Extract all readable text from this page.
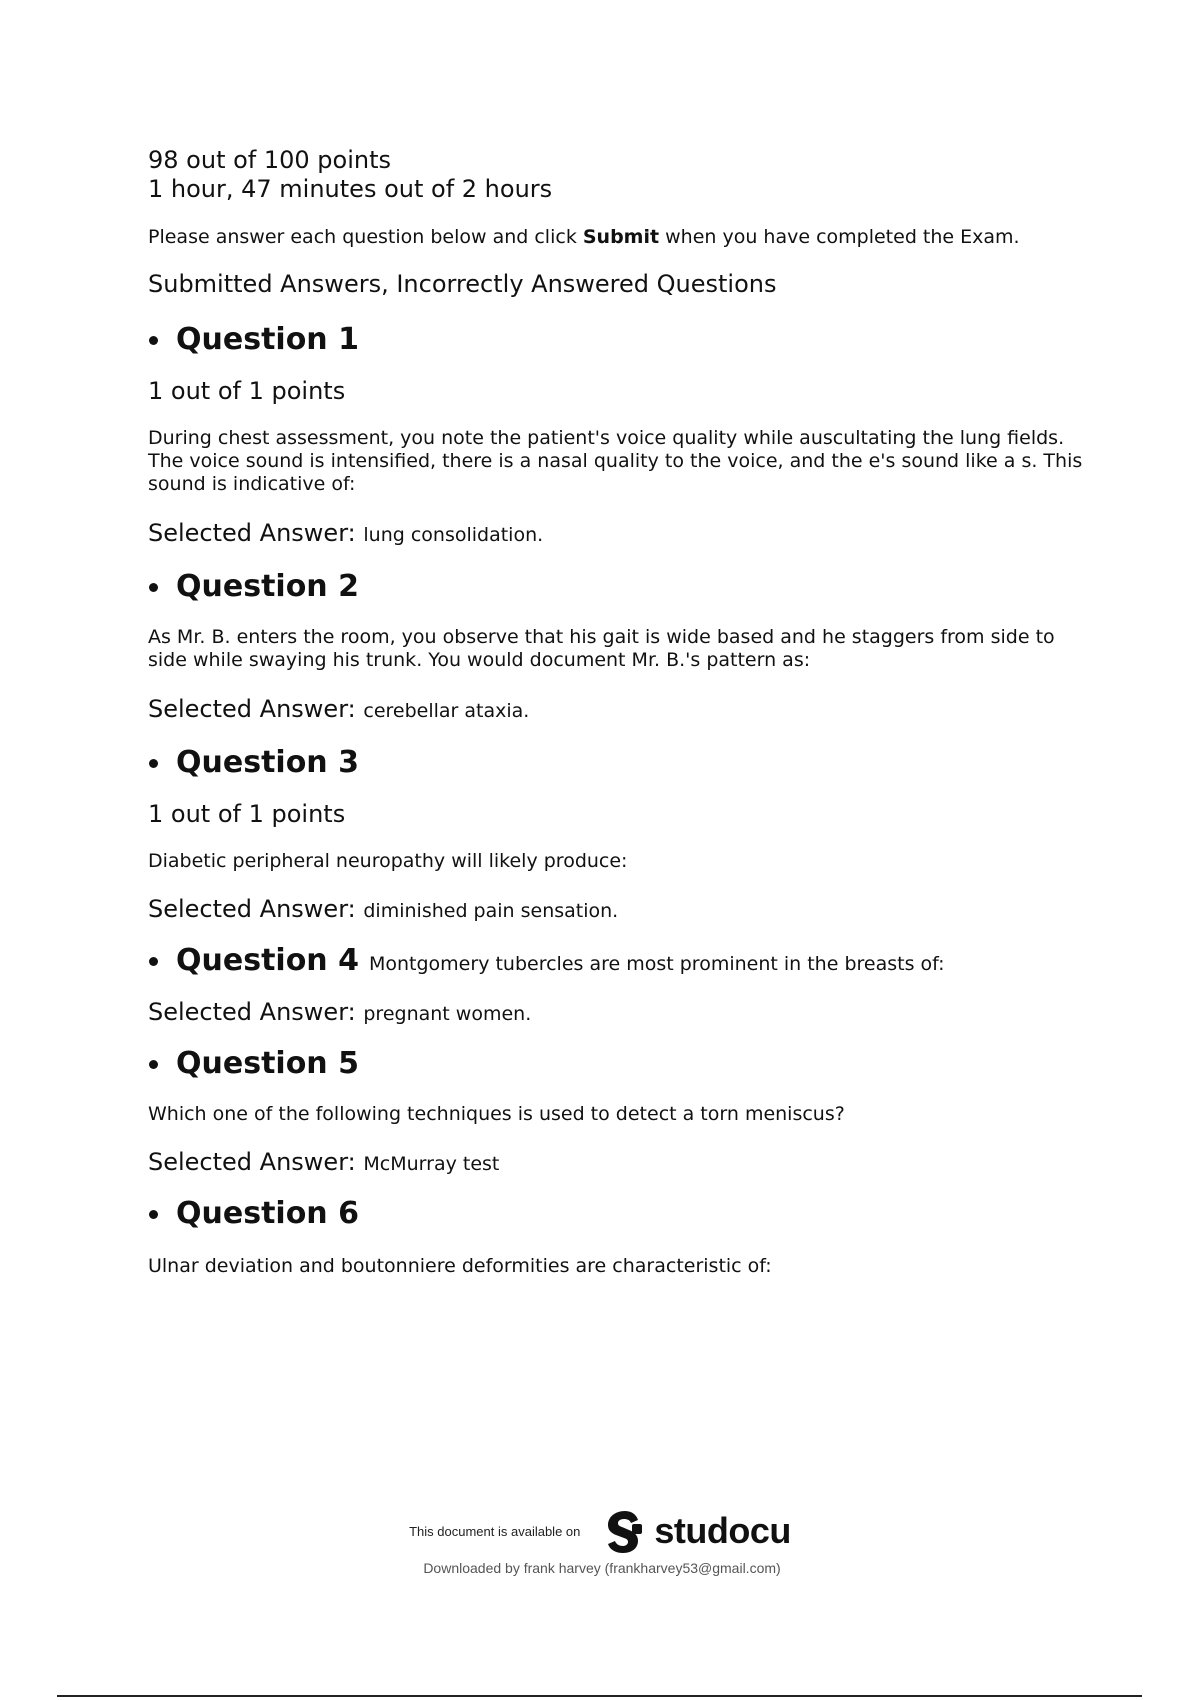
98 out of 100 points
1 hour, 47 minutes out of 2 hours
Please answer each question below and click Submit when you have completed the Exam.
Submitted Answers, Incorrectly Answered Questions
Question 1
1 out of 1 points
During chest assessment, you note the patient's voice quality while auscultating the lung fields. The voice sound is intensified, there is a nasal quality to the voice, and the e's sound like a s. This sound is indicative of:
Selected Answer: lung consolidation.
Question 2
As Mr. B. enters the room, you observe that his gait is wide based and he staggers from side to side while swaying his trunk. You would document Mr. B.'s pattern as:
Selected Answer: cerebellar ataxia.
Question 3
1 out of 1 points
Diabetic peripheral neuropathy will likely produce:
Selected Answer: diminished pain sensation.
Question 4 Montgomery tubercles are most prominent in the breasts of:
Selected Answer: pregnant women.
Question 5
Which one of the following techniques is used to detect a torn meniscus?
Selected Answer: McMurray test
Question 6
Ulnar deviation and boutonniere deformities are characteristic of:
This document is available on studocu
Downloaded by frank harvey (frankharvey53@gmail.com)
